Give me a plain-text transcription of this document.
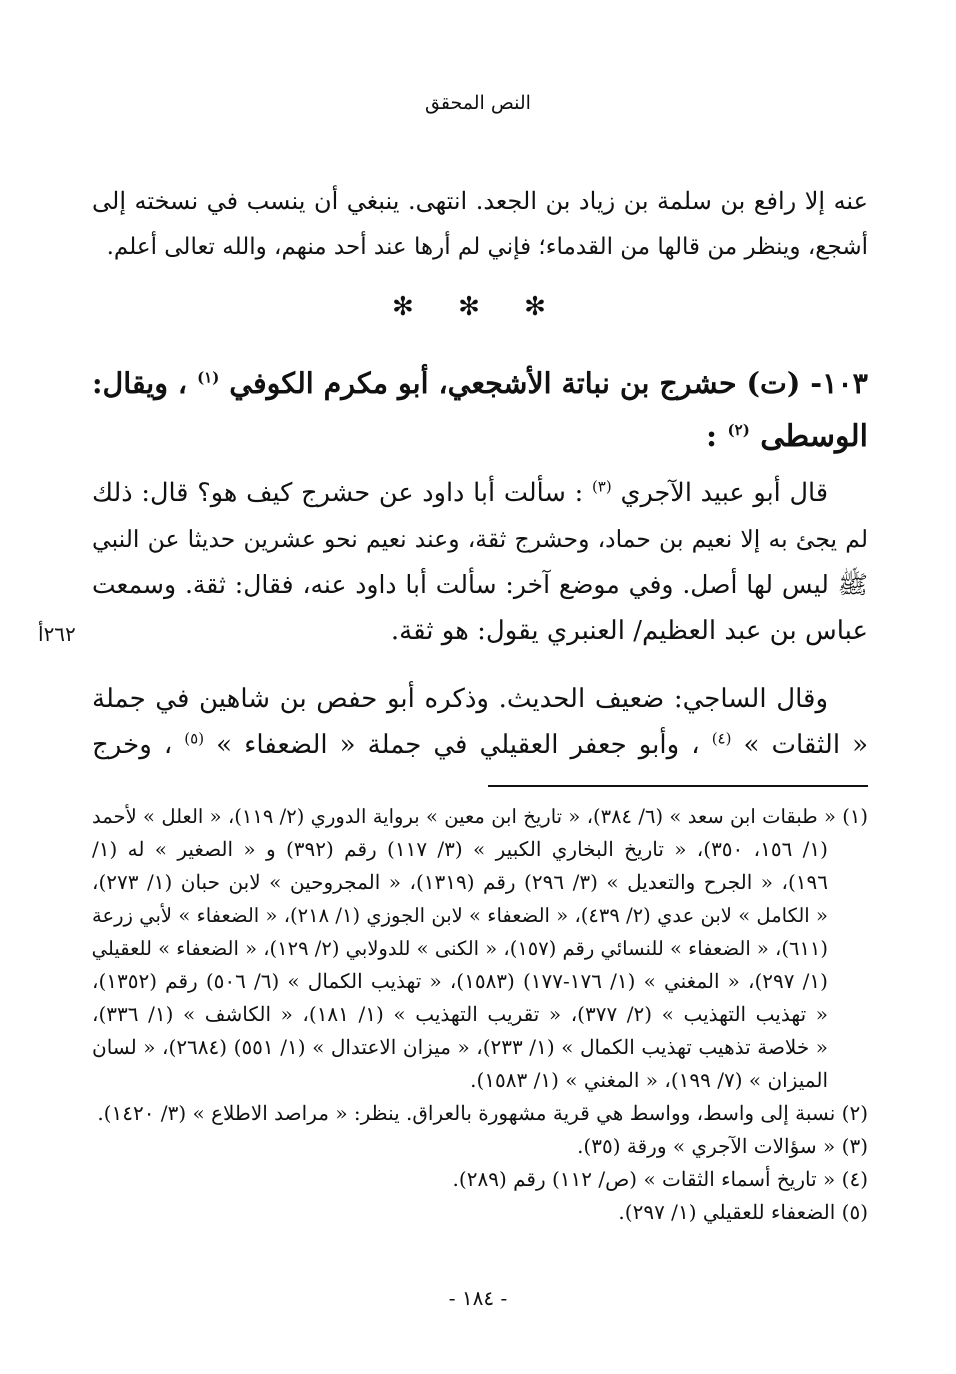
النص المحقق
عنه إلا رافع بن سلمة بن زياد بن الجعد. انتهى. ينبغي أن ينسب في نسخته إلى
أشجع، وينظر من قالها من القدماء؛ فإني لم أرها عند أحد منهم، والله تعالى أعلم.
✻ ✻ ✻
١٠٣- (ت) حشرج بن نباتة الأشجعي، أبو مكرم الكوفي $^{(١)}$ ، ويقال:
الوسطى $^{(٢)}$ :
قال أبو عبيد الآجري $^{(٣)}$ : سألت أبا داود عن حشرج كيف هو؟ قال: ذلك
لم يجئ به إلا نعيم بن حماد، وحشرج ثقة، وعند نعيم نحو عشرين حديثا عن النبي
ﷺ ليس لها أصل. وفي موضع آخر: سألت أبا داود عنه، فقال: ثقة. وسمعت
عباس بن عبد العظيم/ العنبري يقول: هو ثقة.
٢٦٢أ
وقال الساجي: ضعيف الحديث. وذكره أبو حفص بن شاهين في جملة
« الثقات » $^{(٤)}$ ، وأبو جعفر العقيلي في جملة « الضعفاء » $^{(٥)}$ ، وخرج
(١) « طبقات ابن سعد » (٦/ ٣٨٤)، « تاريخ ابن معين » برواية الدوري (٢/ ١١٩)، « العلل » لأحمد
(١/ ١٥٦، ٣٥٠)، « تاريخ البخاري الكبير » (٣/ ١١٧) رقم (٣٩٢) و « الصغير » له (١/
١٩٦)، « الجرح والتعديل » (٣/ ٢٩٦) رقم (١٣١٩)، « المجروحين » لابن حبان (١/ ٢٧٣)،
« الكامل » لابن عدي (٢/ ٤٣٩)، « الضعفاء » لابن الجوزي (١/ ٢١٨)، « الضعفاء » لأبي زرعة
(٦١١)، « الضعفاء » للنسائي رقم (١٥٧)، « الكنى » للدولابي (٢/ ١٢٩)، « الضعفاء » للعقيلي
(١/ ٢٩٧)، « المغني » (١/ ١٧٦-١٧٧) (١٥٨٣)، « تهذيب الكمال » (٦/ ٥٠٦) رقم (١٣٥٢)،
« تهذيب التهذيب » (٢/ ٣٧٧)، « تقريب التهذيب » (١/ ١٨١)، « الكاشف » (١/ ٣٣٦)،
« خلاصة تذهيب تهذيب الكمال » (١/ ٢٣٣)، « ميزان الاعتدال » (١/ ٥٥١) (٢٦٨٤)، « لسان
الميزان » (٧/ ١٩٩)، « المغني » (١/ ١٥٨٣).
(٢) نسبة إلى واسط، وواسط هي قرية مشهورة بالعراق. ينظر: « مراصد الاطلاع » (٣/ ١٤٢٠).
(٣) « سؤالات الآجري » ورقة (٣٥).
(٤) « تاريخ أسماء الثقات » (ص/ ١١٢) رقم (٢٨٩).
(٥) الضعفاء للعقيلي (١/ ٢٩٧).
- ١٨٤ -
